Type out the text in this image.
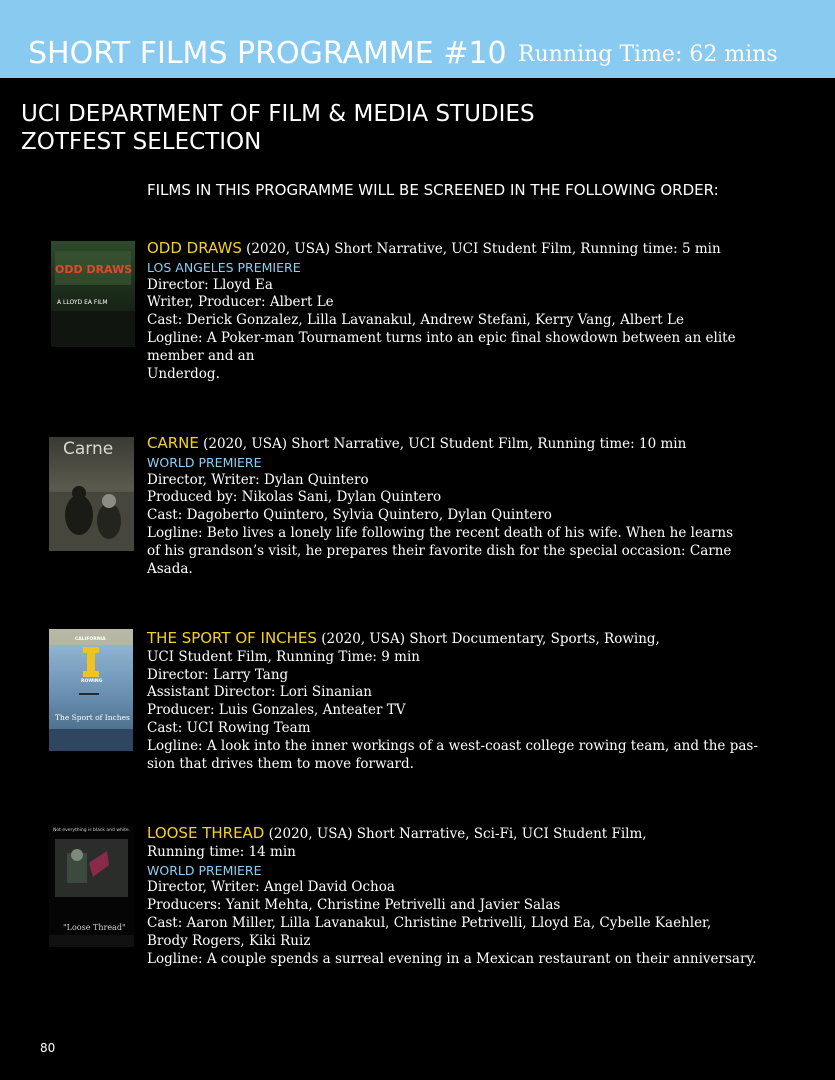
SHORT FILMS PROGRAMME #10 Running Time: 62 mins
UCI DEPARTMENT OF FILM & MEDIA STUDIES
ZOTFEST SELECTION
FILMS IN THIS PROGRAMME WILL BE SCREENED IN THE FOLLOWING ORDER:
ODD DRAWS
A LLOYD EA FILM
ODD DRAWS (2020, USA) Short Narrative, UCI Student Film, Running time: 5 min
LOS ANGELES PREMIERE
Director: Lloyd Ea
Writer, Producer: Albert Le
Cast: Derick Gonzalez, Lilla Lavanakul, Andrew Stefani, Kerry Vang, Albert Le
Logline: A Poker-man Tournament turns into an epic final showdown between an elite
member and an
Underdog.
Carne CARNE (2020, USA) Short Narrative, UCI Student Film, Running time: 10 min
WORLD PREMIERE
Director, Writer: Dylan Quintero
Produced by: Nikolas Sani, Dylan Quintero
Cast: Dagoberto Quintero, Sylvia Quintero, Dylan Quintero
Logline: Beto lives a lonely life following the recent death of his wife. When he learns
of his grandson’s visit, he prepares their favorite dish for the special occasion: Carne
Asada.
CALIFORNIA
ROWING
The Sport of Inches
THE SPORT OF INCHES (2020, USA) Short Documentary, Sports, Rowing,
UCI Student Film, Running Time: 9 min
Director: Larry Tang
Assistant Director: Lori Sinanian
Producer: Luis Gonzales, Anteater TV
Cast: UCI Rowing Team
Logline: A look into the inner workings of a west-coast college rowing team, and the pas-
sion that drives them to move forward.
Not everything is black and white.
"Loose Thread"
LOOSE THREAD (2020, USA) Short Narrative, Sci-Fi, UCI Student Film,
Running time: 14 min
WORLD PREMIERE
Director, Writer: Angel David Ochoa
Producers: Yanit Mehta, Christine Petrivelli and Javier Salas
Cast: Aaron Miller, Lilla Lavanakul, Christine Petrivelli, Lloyd Ea, Cybelle Kaehler,
Brody Rogers, Kiki Ruiz
Logline: A couple spends a surreal evening in a Mexican restaurant on their anniversary.
80
